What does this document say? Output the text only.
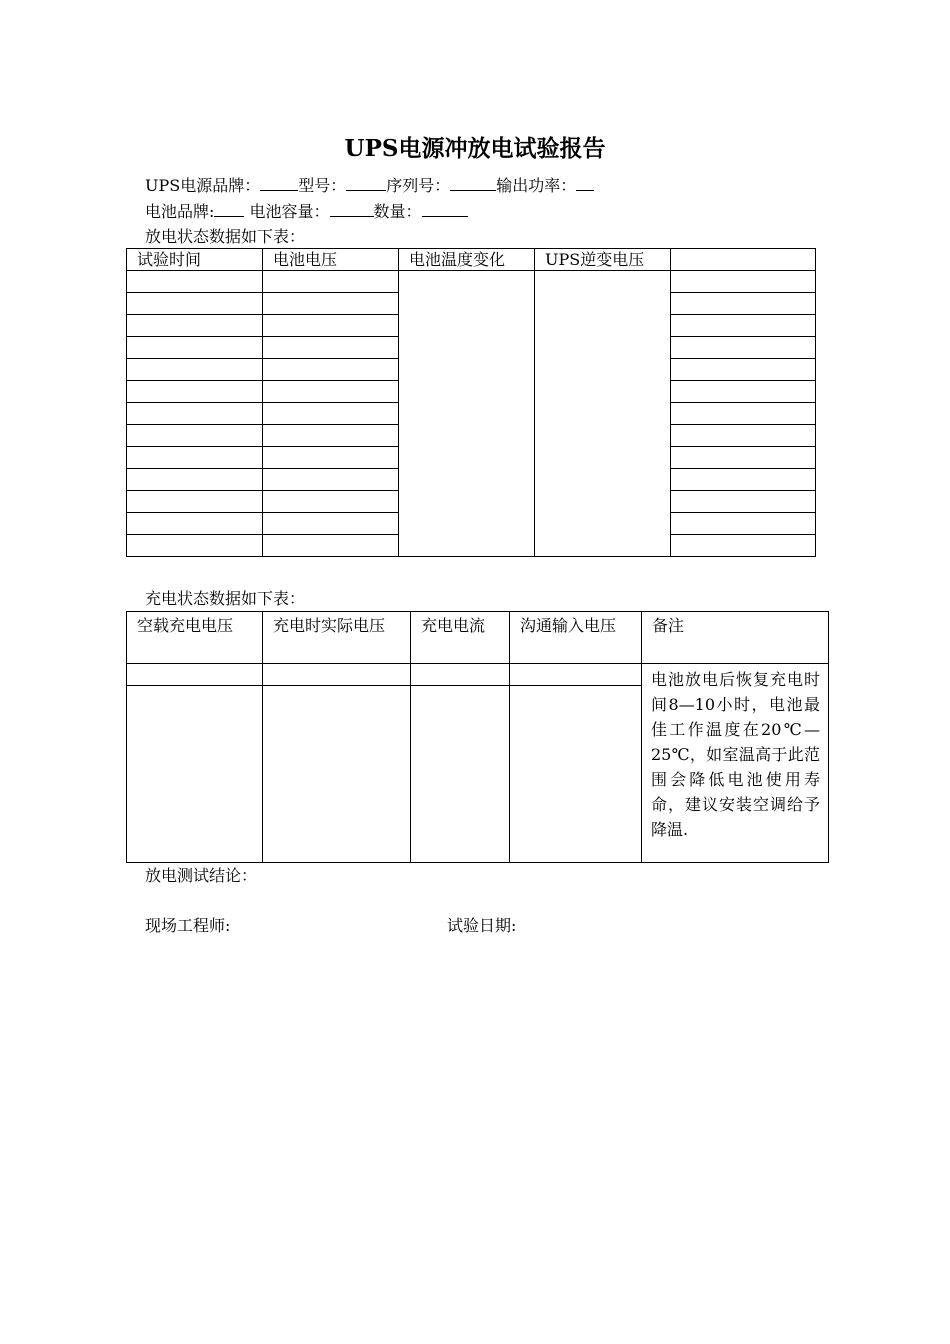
UPS电源冲放电试验报告
UPS电源品牌： 型号：	序列号：	输出功率：
电池品牌: 电池容量：	数量：
放电状态数据如下表：
试验时间	电池电压	电池温度变化	UPS逆变电压	

充电状态数据如下表：
空载充电电压	充电时实际电压	充电电流	沟通输入电压	备注
				电池放电后恢复充电时间8—10小时，电池最佳工作温度在20℃—25℃，如室温高于此范围会降低电池使用寿命，建议安装空调给予降温.

放电测试结论：
现场工程师:	试验日期:
